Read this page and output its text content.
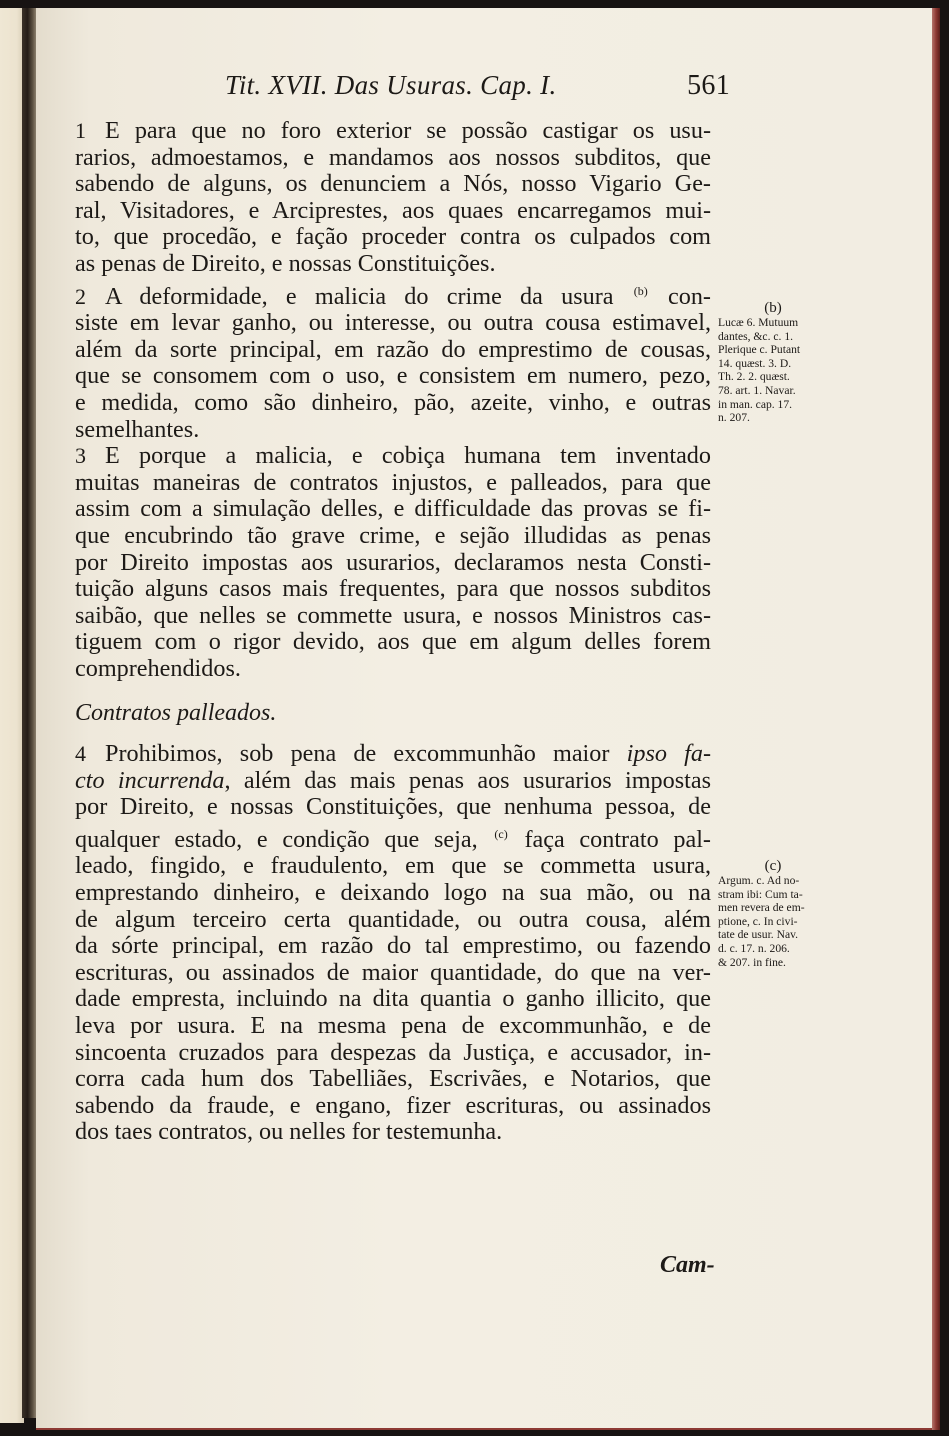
Tit. XVII. Das Usuras. Cap. I.	561
1 E para que no foro exterior se possão castigar os usu-
rarios, admoestamos, e mandamos aos nossos subditos, que
sabendo de alguns, os denunciem a Nós, nosso Vigario Ge-
ral, Visitadores, e Arciprestes, aos quaes encarregamos mui-
to, que procedão, e fação proceder contra os culpados com
as penas de Direito, e nossas Constituições.
2 A deformidade, e malicia do crime da usura $^{(b)}$ con-
siste em levar ganho, ou interesse, ou outra cousa estimavel,
além da sorte principal, em razão do emprestimo de cousas,
que se consomem com o uso, e consistem em numero, pezo,
e medida, como são dinheiro, pão, azeite, vinho, e outras
semelhantes.
3 E porque a malicia, e cobiça humana tem inventado
muitas maneiras de contratos injustos, e palleados, para que
assim com a simulação delles, e difficuldade das provas se fi-
que encubrindo tão grave crime, e sejão illudidas as penas
por Direito impostas aos usurarios, declaramos nesta Consti-
tuição alguns casos mais frequentes, para que nossos subditos
saibão, que nelles se commette usura, e nossos Ministros cas-
tiguem com o rigor devido, aos que em algum delles forem
comprehendidos.
Contratos palleados.
4 Prohibimos, sob pena de excommunhão maior ipso fa-
cto incurrenda, além das mais penas aos usurarios impostas
por Direito, e nossas Constituições, que nenhuma pessoa, de
qualquer estado, e condição que seja, $^{(c)}$ faça contrato pal-
leado, fingido, e fraudulento, em que se commetta usura,
emprestando dinheiro, e deixando logo na sua mão, ou na
de algum terceiro certa quantidade, ou outra cousa, além
da sórte principal, em razão do tal emprestimo, ou fazendo
escrituras, ou assinados de maior quantidade, do que na ver-
dade empresta, incluindo na dita quantia o ganho illicito, que
leva por usura. E na mesma pena de excommunhão, e de
sincoenta cruzados para despezas da Justiça, e accusador, in-
corra cada hum dos Tabelliães, Escrivães, e Notarios, que
sabendo da fraude, e engano, fizer escrituras, ou assinados
dos taes contratos, ou nelles for testemunha.
(b)
Lucæ 6. Mutuum
dantes, &c. c. 1.
Plerique c. Putant
14. quæst. 3. D.
Th. 2. 2. quæst.
78. art. 1. Navar.
in man. cap. 17.
n. 207.
(c)
Argum. c. Ad no-
stram ibi: Cum ta-
men revera de em-
ptione, c. In civi-
tate de usur. Nav.
d. c. 17. n. 206.
& 207. in fine.
Cam-
